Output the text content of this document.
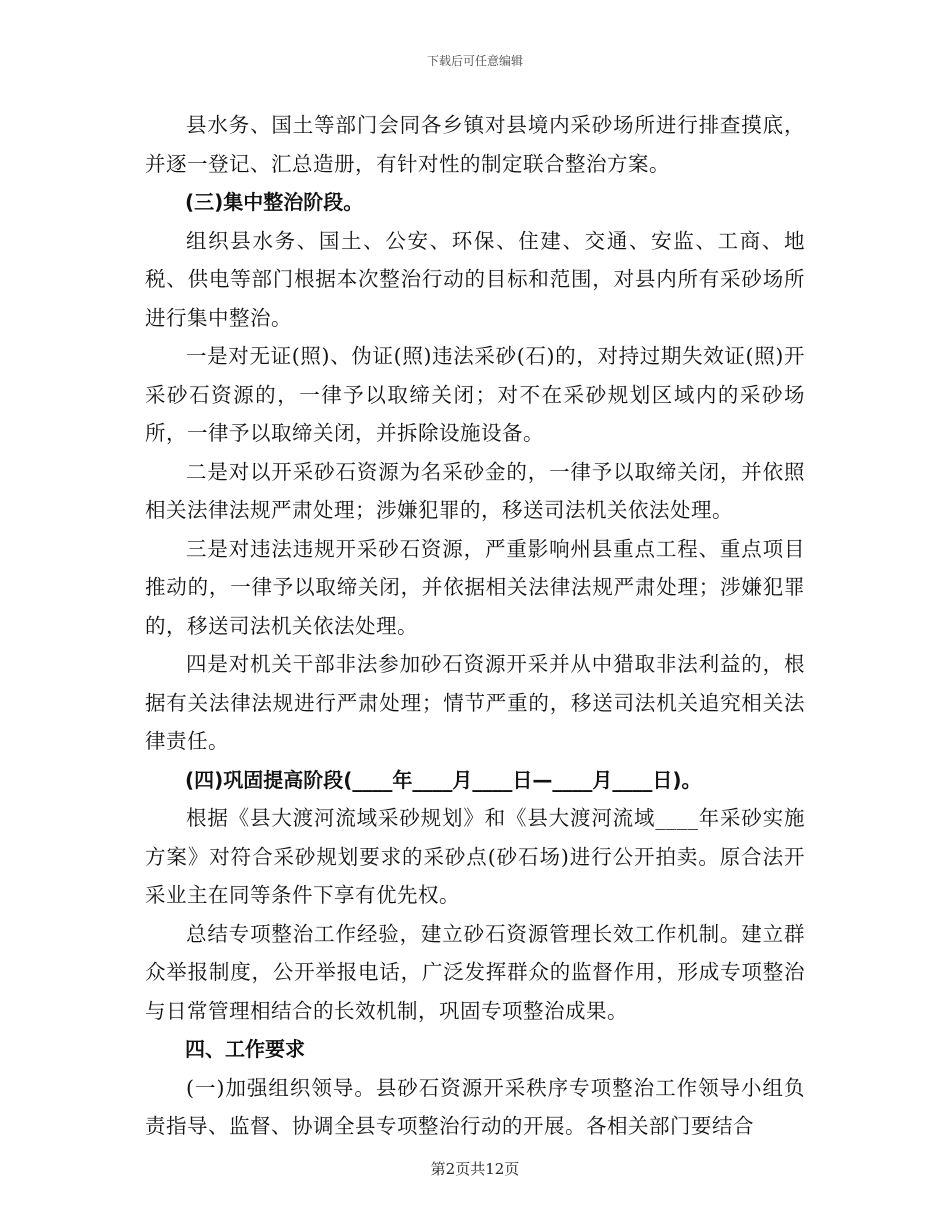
下载后可任意编辑

县水务、国土等部门会同各乡镇对县境内采砂场所进行排查摸底，并逐一登记、汇总造册，有针对性的制定联合整治方案。

(三)集中整治阶段。

组织县水务、国土、公安、环保、住建、交通、安监、工商、地税、供电等部门根据本次整治行动的目标和范围，对县内所有采砂场所进行集中整治。

一是对无证(照)、伪证(照)违法采砂(石)的，对持过期失效证(照)开采砂石资源的，一律予以取缔关闭；对不在采砂规划区域内的采砂场所，一律予以取缔关闭，并拆除设施设备。

二是对以开采砂石资源为名采砂金的，一律予以取缔关闭，并依照相关法律法规严肃处理；涉嫌犯罪的，移送司法机关依法处理。

三是对违法违规开采砂石资源，严重影响州县重点工程、重点项目推动的，一律予以取缔关闭，并依据相关法律法规严肃处理；涉嫌犯罪的，移送司法机关依法处理。

四是对机关干部非法参加砂石资源开采并从中猎取非法利益的，根据有关法律法规进行严肃处理；情节严重的，移送司法机关追究相关法律责任。

(四)巩固提高阶段(____年____月____日—____月____日)。

根据《县大渡河流域采砂规划》和《县大渡河流域____年采砂实施方案》对符合采砂规划要求的采砂点(砂石场)进行公开拍卖。原合法开采业主在同等条件下享有优先权。

总结专项整治工作经验，建立砂石资源管理长效工作机制。建立群众举报制度，公开举报电话，广泛发挥群众的监督作用，形成专项整治与日常管理相结合的长效机制，巩固专项整治成果。

四、工作要求

(一)加强组织领导。县砂石资源开采秩序专项整治工作领导小组负责指导、监督、协调全县专项整治行动的开展。各相关部门要结合

第2页共12页
